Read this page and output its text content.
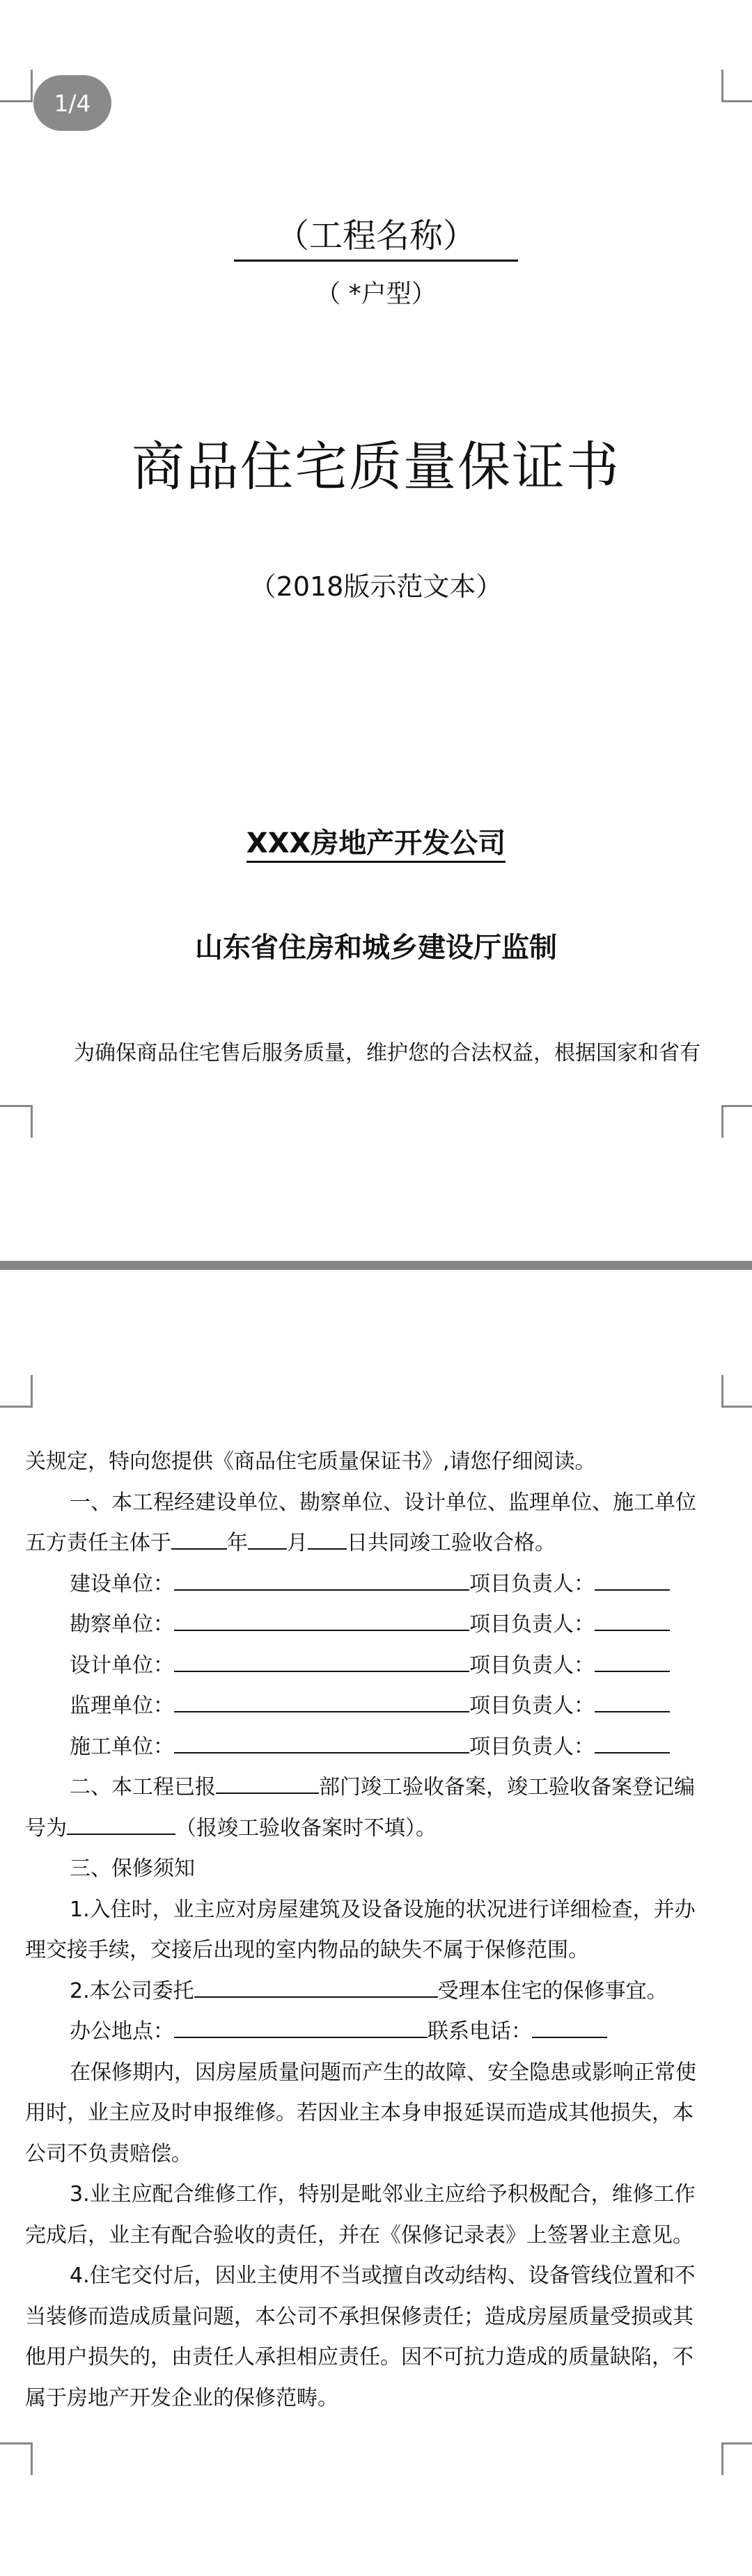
1/4
（工程名称）
（ *户型）
商品住宅质量保证书
（2018版示范文本）
XXX房地产开发公司
山东省住房和城乡建设厅监制
为确保商品住宅售后服务质量，维护您的合法权益，根据国家和省有
关规定，特向您提供《商品住宅质量保证书》,请您仔细阅读。
一、本工程经建设单位、勘察单位、设计单位、监理单位、施工单位
五方责任主体于	年 月 日共同竣工验收合格。
建设单位：	项目负责人：
勘察单位：	项目负责人：
设计单位：	项目负责人：
监理单位：	项目负责人：
施工单位：	项目负责人：
二、本工程已报	部门竣工验收备案，竣工验收备案登记编
号为	（报竣工验收备案时不填）。
三、保修须知
1.入住时，业主应对房屋建筑及设备设施的状况进行详细检查，并办
理交接手续，交接后出现的室内物品的缺失不属于保修范围。
2.本公司委托	受理本住宅的保修事宜。
办公地点：	联系电话：
在保修期内，因房屋质量问题而产生的故障、安全隐患或影响正常使
用时，业主应及时申报维修。若因业主本身申报延误而造成其他损失，本
公司不负责赔偿。
3.业主应配合维修工作，特别是毗邻业主应给予积极配合，维修工作
完成后，业主有配合验收的责任，并在《保修记录表》上签署业主意见。
4.住宅交付后，因业主使用不当或擅自改动结构、设备管线位置和不
当装修而造成质量问题，本公司不承担保修责任；造成房屋质量受损或其
他用户损失的，由责任人承担相应责任。因不可抗力造成的质量缺陷，不
属于房地产开发企业的保修范畴。
